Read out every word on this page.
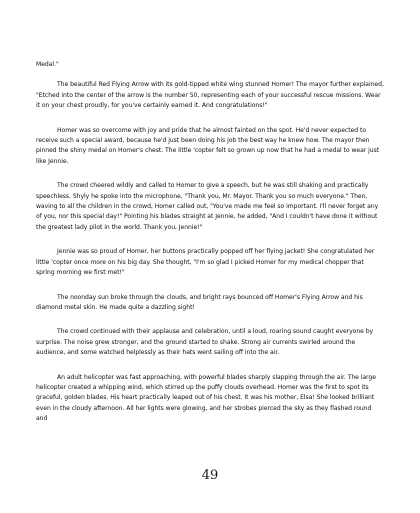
Medal."

The beautiful Red Flying Arrow with its gold-tipped white wing stunned Homer! The mayor further explained, "Etched into the center of the arrow is the number 50, representing each of your successful rescue missions. Wear it on your chest proudly, for you've certainly earned it. And congratulations!"

Homer was so overcome with joy and pride that he almost fainted on the spot. He'd never expected to receive such a special award, because he'd just been doing his job the best way he knew how. The mayor then pinned the shiny medal on Homer's chest. The little 'copter felt so grown up now that he had a medal to wear just like Jennie.

The crowd cheered wildly and called to Homer to give a speech, but he was still shaking and practically speechless. Shyly he spoke into the microphone, "Thank you, Mr. Mayor. Thank you so much everyone." Then, waving to all the children in the crowd, Homer called out, "You've made me feel so important. I'll never forget any of you, nor this special day!" Pointing his blades straight at Jennie, he added, "And I couldn't have done it without the greatest lady pilot in the world. Thank you, Jennie!"

Jennie was so proud of Homer, her buttons practically popped off her flying jacket! She congratulated her little 'copter once more on his big day. She thought, "I'm so glad I picked Homer for my medical chopper that spring morning we first met!"

The noonday sun broke through the clouds, and bright rays bounced off Homer's Flying Arrow and his diamond metal skin. He made quite a dazzling sight!

The crowd continued with their applause and celebration, until a loud, roaring sound caught everyone by surprise. The noise grew stronger, and the ground started to shake. Strong air currents swirled around the audience, and some watched helplessly as their hats went sailing off into the air.

An adult helicopter was fast approaching, with powerful blades sharply slapping through the air. The large helicopter created a whipping wind, which stirred up the puffy clouds overhead. Homer was the first to spot its graceful, golden blades. His heart practically leaped out of his chest. It was his mother, Elsa! She looked brilliant even in the cloudy afternoon. All her lights were glowing, and her strobes pierced the sky as they flashed round and

49
